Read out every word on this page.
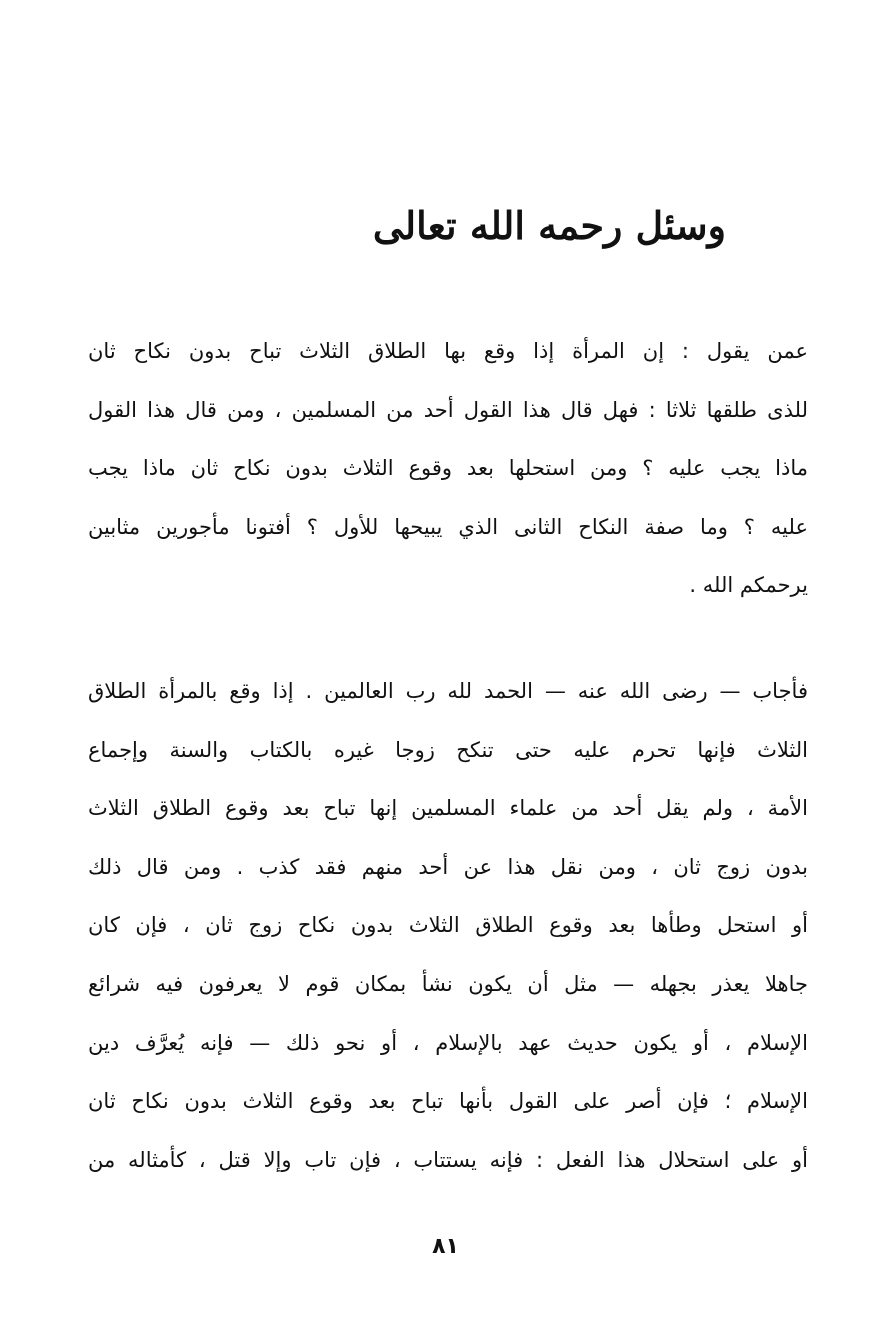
وسئل رحمه الله تعالى
عمن يقول : إن المرأة إذا وقع بها الطلاق الثلاث تباح بدون نكاح ثان
للذى طلقها ثلاثا : فهل قال هذا القول أحد من المسلمين ، ومن قال هذا القول
ماذا يجب عليه ؟ ومن استحلها بعد وقوع الثلاث بدون نكاح ثان ماذا يجب
عليه ؟ وما صفة النكاح الثانى الذي يبيحها للأول ؟ أفتونا مأجورين مثابين
يرحمكم الله .
فأجاب — رضى الله عنه — الحمد لله رب العالمين . إذا وقع بالمرأة الطلاق
الثلاث فإنها تحرم عليه حتى تنكح زوجا غيره بالكتاب والسنة وإجماع
الأمة ، ولم يقل أحد من علماء المسلمين إنها تباح بعد وقوع الطلاق الثلاث
بدون زوج ثان ، ومن نقل هذا عن أحد منهم فقد كذب . ومن قال ذلك
أو استحل وطأها بعد وقوع الطلاق الثلاث بدون نكاح زوج ثان ، فإن كان
جاهلا يعذر بجهله — مثل أن يكون نشأ بمكان قوم لا يعرفون فيه شرائع
الإسلام ، أو يكون حديث عهد بالإسلام ، أو نحو ذلك — فإنه يُعرَّف دين
الإسلام ؛ فإن أصر على القول بأنها تباح بعد وقوع الثلاث بدون نكاح ثان
أو على استحلال هذا الفعل : فإنه يستتاب ، فإن تاب وإلا قتل ، كأمثاله من
٨١
